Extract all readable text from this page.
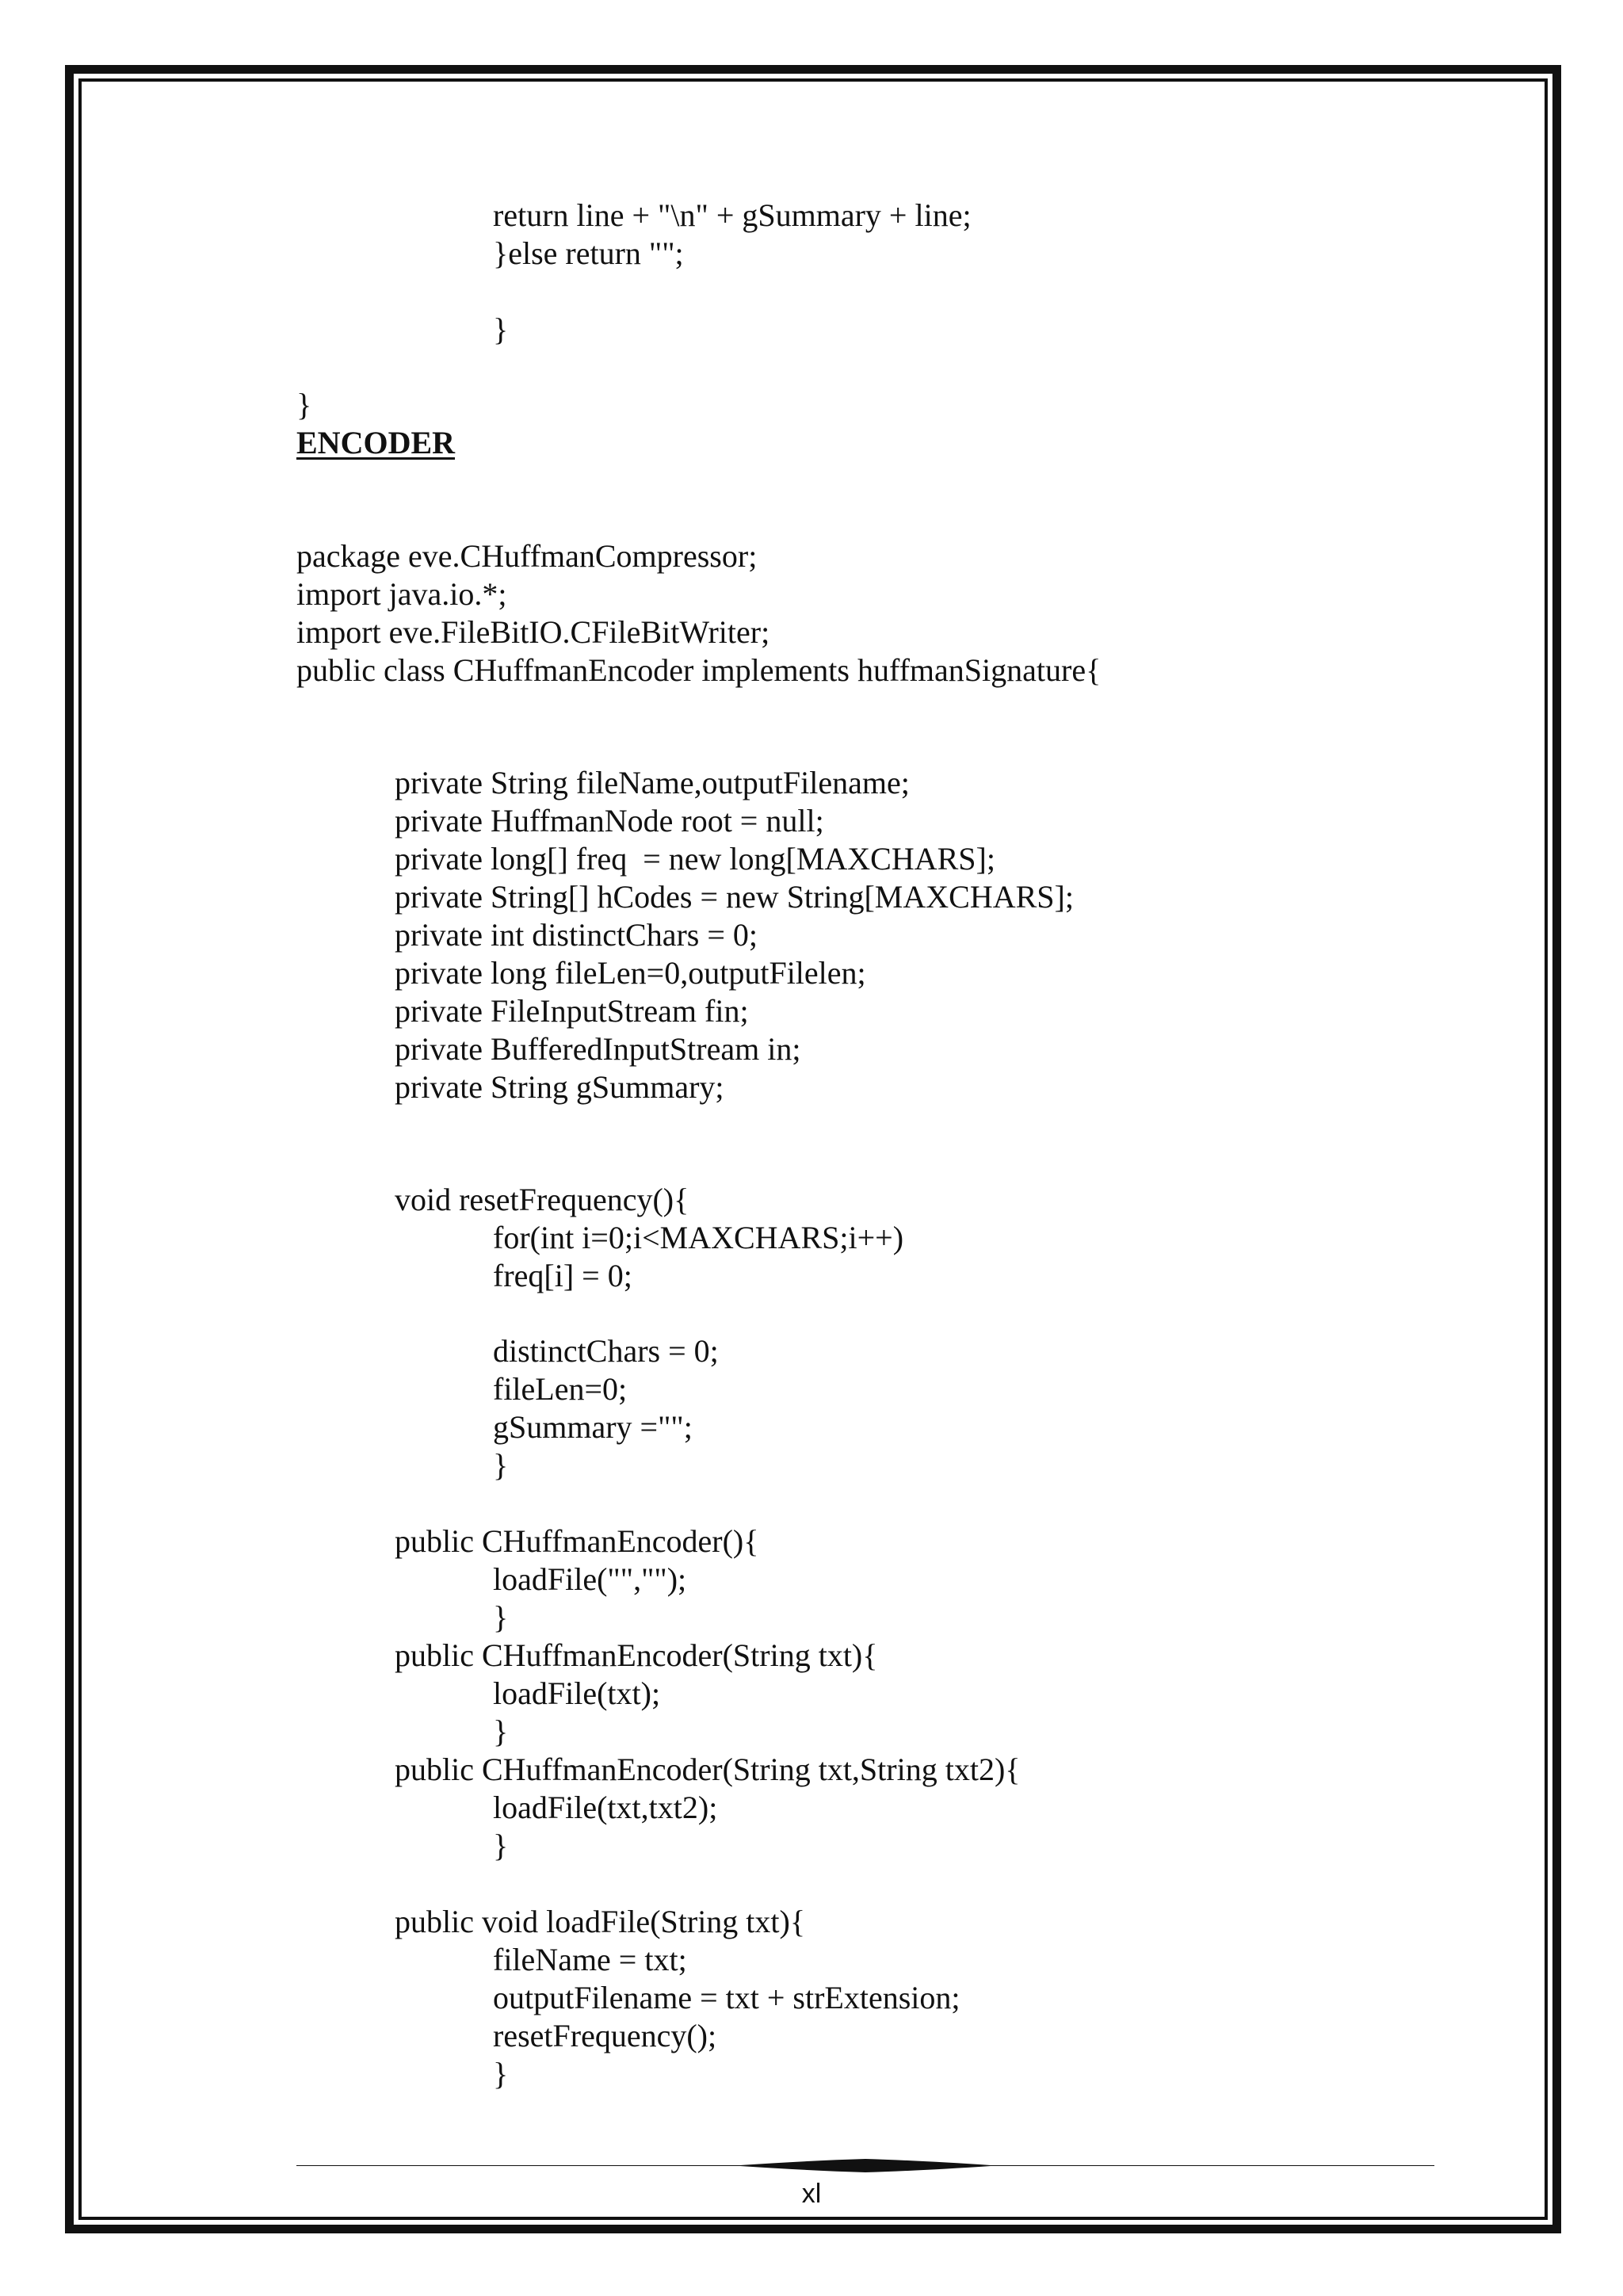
return line + "\n" + gSummary + line;
}else return "";
}
}
ENCODER
package eve.CHuffmanCompressor;
import java.io.*;
import eve.FileBitIO.CFileBitWriter;
public class CHuffmanEncoder implements huffmanSignature{
private String fileName,outputFilename;
private HuffmanNode root = null;
private long[] freq  = new long[MAXCHARS];
private String[] hCodes = new String[MAXCHARS];
private int distinctChars = 0;
private long fileLen=0,outputFilelen;
private FileInputStream fin;
private BufferedInputStream in;
private String gSummary;
void resetFrequency(){
for(int i=0;i<MAXCHARS;i++)
freq[i] = 0;
distinctChars = 0;
fileLen=0;
gSummary ="";
}
public CHuffmanEncoder(){
loadFile("","");
}
public CHuffmanEncoder(String txt){
loadFile(txt);
}
public CHuffmanEncoder(String txt,String txt2){
loadFile(txt,txt2);
}
public void loadFile(String txt){
fileName = txt;
outputFilename = txt + strExtension;
resetFrequency();
}
xl
